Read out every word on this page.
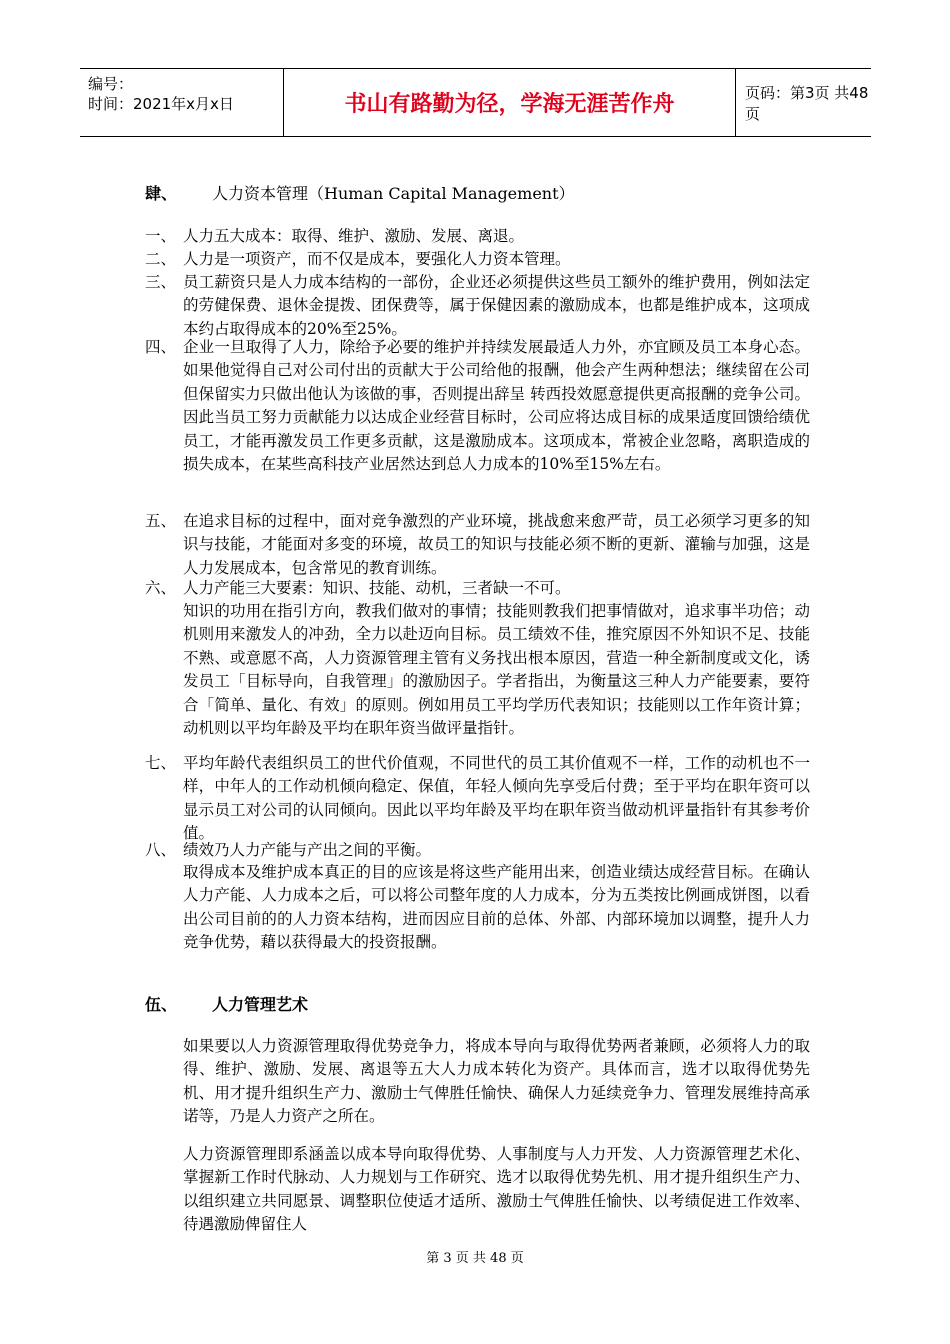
编号：
时间：2021年x月x日	书山有路勤为径，学海无涯苦作舟	页码：第3页 共48页
肆、 人力资本管理（Human Capital Management）
一、 人力五大成本：取得、维护、激励、发展、离退。
二、 人力是一项资产，而不仅是成本，要强化人力资本管理。
三、 员工薪资只是人力成本结构的一部份，企业还必须提供这些员工额外的维护费用，例如法定的劳健保费、退休金提拨、团保费等，属于保健因素的激励成本，也都是维护成本，这项成本约占取得成本的20%至25%。
四、 企业一旦取得了人力，除给予必要的维护并持续发展最适人力外，亦宜顾及员工本身心态。如果他觉得自己对公司付出的贡献大于公司给他的报酬，他会产生两种想法；继续留在公司但保留实力只做出他认为该做的事，否则提出辞呈 转西投效愿意提供更高报酬的竞争公司。因此当员工努力贡献能力以达成企业经营目标时，公司应将达成目标的成果适度回馈给绩优员工，才能再激发员工作更多贡献，这是激励成本。这项成本，常被企业忽略，离职造成的损失成本，在某些高科技产业居然达到总人力成本的10%至15%左右。
五、 在追求目标的过程中，面对竞争激烈的产业环境，挑战愈来愈严苛，员工必须学习更多的知识与技能，才能面对多变的环境，故员工的知识与技能必须不断的更新、灌输与加强，这是人力发展成本，包含常见的教育训练。
六、 人力产能三大要素：知识、技能、动机，三者缺一不可。
知识的功用在指引方向，教我们做对的事情；技能则教我们把事情做对，追求事半功倍；动机则用来激发人的冲劲，全力以赴迈向目标。员工绩效不佳，推究原因不外知识不足、技能不熟、或意愿不高，人力资源管理主管有义务找出根本原因，营造一种全新制度或文化，诱发员工「目标导向，自我管理」的激励因子。学者指出，为衡量这三种人力产能要素，要符合「简单、量化、有效」的原则。例如用员工平均学历代表知识；技能则以工作年资计算；动机则以平均年龄及平均在职年资当做评量指针。
七、 平均年龄代表组织员工的世代价值观，不同世代的员工其价值观不一样，工作的动机也不一样，中年人的工作动机倾向稳定、保值，年轻人倾向先享受后付费；至于平均在职年资可以显示员工对公司的认同倾向。因此以平均年龄及平均在职年资当做动机评量指针有其参考价值。
八、 绩效乃人力产能与产出之间的平衡。
取得成本及维护成本真正的目的应该是将这些产能用出来，创造业绩达成经营目标。在确认人力产能、人力成本之后，可以将公司整年度的人力成本，分为五类按比例画成饼图，以看出公司目前的的人力资本结构，进而因应目前的总体、外部、内部环境加以调整，提升人力竞争优势，藉以获得最大的投资报酬。
伍、 人力管理艺术
如果要以人力资源管理取得优势竞争力，将成本导向与取得优势两者兼顾，必须将人力的取得、维护、激励、发展、离退等五大人力成本转化为资产。具体而言，选才以取得优势先机、用才提升组织生产力、激励士气俾胜任愉快、确保人力延续竞争力、管理发展维持高承诺等，乃是人力资产之所在。
人力资源管理即系涵盖以成本导向取得优势、人事制度与人力开发、人力资源管理艺术化、掌握新工作时代脉动、人力规划与工作研究、选才以取得优势先机、用才提升组织生产力、以组织建立共同愿景、调整职位使适才适所、激励士气俾胜任愉快、以考绩促进工作效率、待遇激励俾留住人
第 3 页 共 48 页
